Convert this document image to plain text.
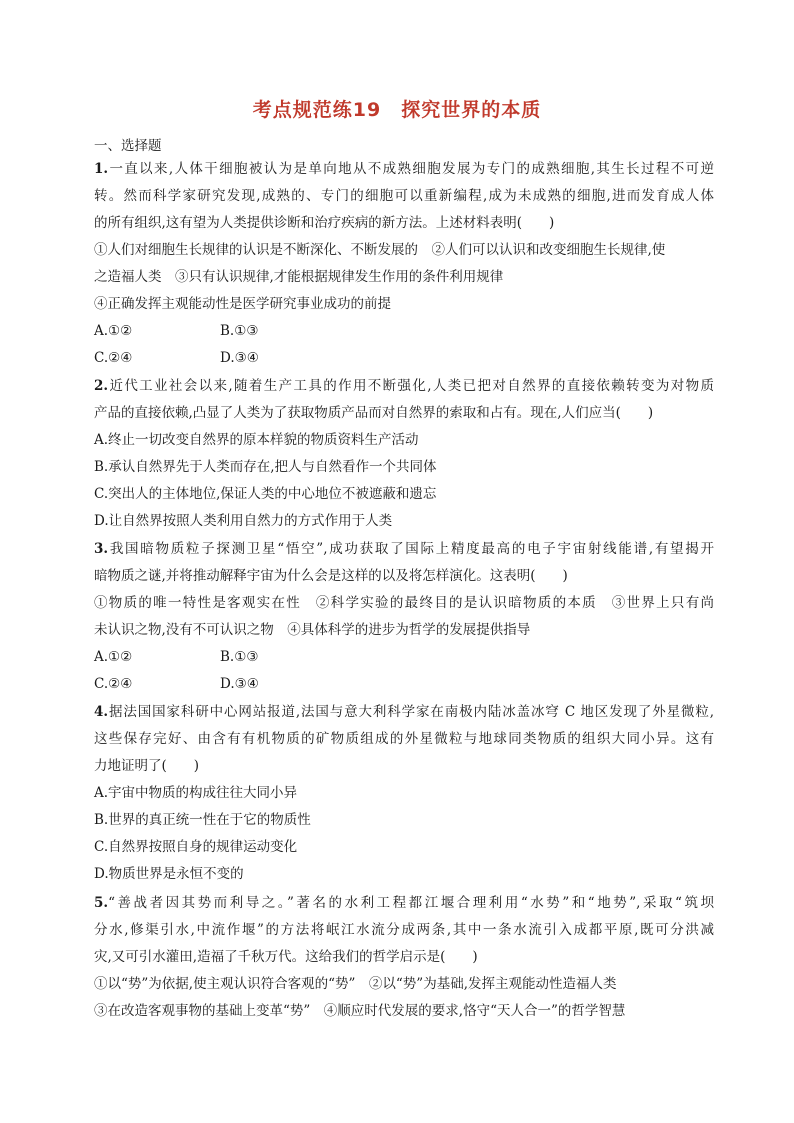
考点规范练19　探究世界的本质
一、选择题
1.一直以来,人体干细胞被认为是单向地从不成熟细胞发展为专门的成熟细胞,其生长过程不可逆
转。然而科学家研究发现,成熟的、专门的细胞可以重新编程,成为未成熟的细胞,进而发育成人体
的所有组织,这有望为人类提供诊断和治疗疾病的新方法。上述材料表明(　　)
①人们对细胞生长规律的认识是不断深化、不断发展的　②人们可以认识和改变细胞生长规律,使
之造福人类　③只有认识规律,才能根据规律发生作用的条件利用规律
④正确发挥主观能动性是医学研究事业成功的前提
A.①②	B.①③
C.②④	D.③④
2.近代工业社会以来,随着生产工具的作用不断强化,人类已把对自然界的直接依赖转变为对物质
产品的直接依赖,凸显了人类为了获取物质产品而对自然界的索取和占有。现在,人们应当(　　)
A.终止一切改变自然界的原本样貌的物质资料生产活动
B.承认自然界先于人类而存在,把人与自然看作一个共同体
C.突出人的主体地位,保证人类的中心地位不被遮蔽和遗忘
D.让自然界按照人类利用自然力的方式作用于人类
3.我国暗物质粒子探测卫星“悟空”,成功获取了国际上精度最高的电子宇宙射线能谱,有望揭开
暗物质之谜,并将推动解释宇宙为什么会是这样的以及将怎样演化。这表明(　　)
①物质的唯一特性是客观实在性　②科学实验的最终目的是认识暗物质的本质　③世界上只有尚
未认识之物,没有不可认识之物　④具体科学的进步为哲学的发展提供指导
A.①②	B.①③
C.②④	D.③④
4.据法国国家科研中心网站报道,法国与意大利科学家在南极内陆冰盖冰穹 C 地区发现了外星微粒,
这些保存完好、由含有有机物质的矿物质组成的外星微粒与地球同类物质的组织大同小异。这有
力地证明了(　　)
A.宇宙中物质的构成往往大同小异
B.世界的真正统一性在于它的物质性
C.自然界按照自身的规律运动变化
D.物质世界是永恒不变的
5.“善战者因其势而利导之。”著名的水利工程都江堰合理利用“水势”和“地势”,采取“筑坝
分水,修渠引水,中流作堰”的方法将岷江水流分成两条,其中一条水流引入成都平原,既可分洪减
灾,又可引水灌田,造福了千秋万代。这给我们的哲学启示是(　　)
①以“势”为依据,使主观认识符合客观的“势”　②以“势”为基础,发挥主观能动性造福人类
③在改造客观事物的基础上变革“势”　④顺应时代发展的要求,恪守“天人合一”的哲学智慧
